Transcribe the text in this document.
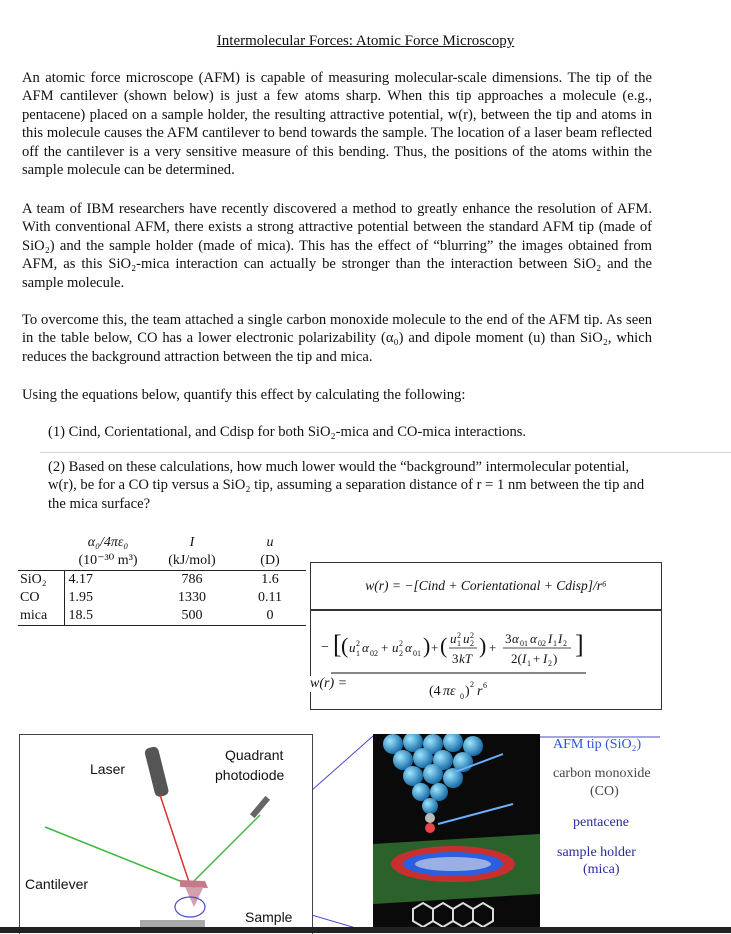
Intermolecular Forces: Atomic Force Microscopy
An atomic force microscope (AFM) is capable of measuring molecular-scale dimensions. The tip of the AFM cantilever (shown below) is just a few atoms sharp. When this tip approaches a molecule (e.g., pentacene) placed on a sample holder, the resulting attractive potential, w(r), between the tip and atoms in this molecule causes the AFM cantilever to bend towards the sample. The location of a laser beam reflected off the cantilever is a very sensitive measure of this bending. Thus, the positions of the atoms within the sample molecule can be determined.
A team of IBM researchers have recently discovered a method to greatly enhance the resolution of AFM. With conventional AFM, there exists a strong attractive potential between the standard AFM tip (made of SiO₂) and the sample holder (made of mica). This has the effect of “blurring” the images obtained from AFM, as this SiO₂-mica interaction can actually be stronger than the interaction between SiO₂ and the sample molecule.
To overcome this, the team attached a single carbon monoxide molecule to the end of the AFM tip. As seen in the table below, CO has a lower electronic polarizability (α₀) and dipole moment (u) than SiO₂, which reduces the background attraction between the tip and mica.
Using the equations below, quantify this effect by calculating the following:
(1) Cind, Corientational, and Cdisp for both SiO₂-mica and CO-mica interactions.
(2) Based on these calculations, how much lower would the “background” intermolecular potential, w(r), be for a CO tip versus a SiO₂ tip, assuming a separation distance of r = 1 nm between the tip and the mica surface?
	α₀/4πε₀	I	u
	(10⁻³⁰ m³)	(kJ/mol)	(D)
SiO₂	4.17	786	1.6
CO	1.95	1330	0.11
mica	18.5	500	0
w(r) = −[Cind + Corientational + Cdisp]/r⁶
− [ ( u 2
1 α 02 + u 2
2 α 01 ) + ( u 2
1 u 2
2
3 kT
) +
3 α 01 α 02 I 1 I 2
2( I 1 + I 2 ) ]
(4 πε 0 ) 2 r 6
w(r) =
Laser
Quadrant
photodiode
Cantilever
Sample
AFM tip (SiO₂)
carbon monoxide
(CO)
pentacene
sample holder
(mica)
